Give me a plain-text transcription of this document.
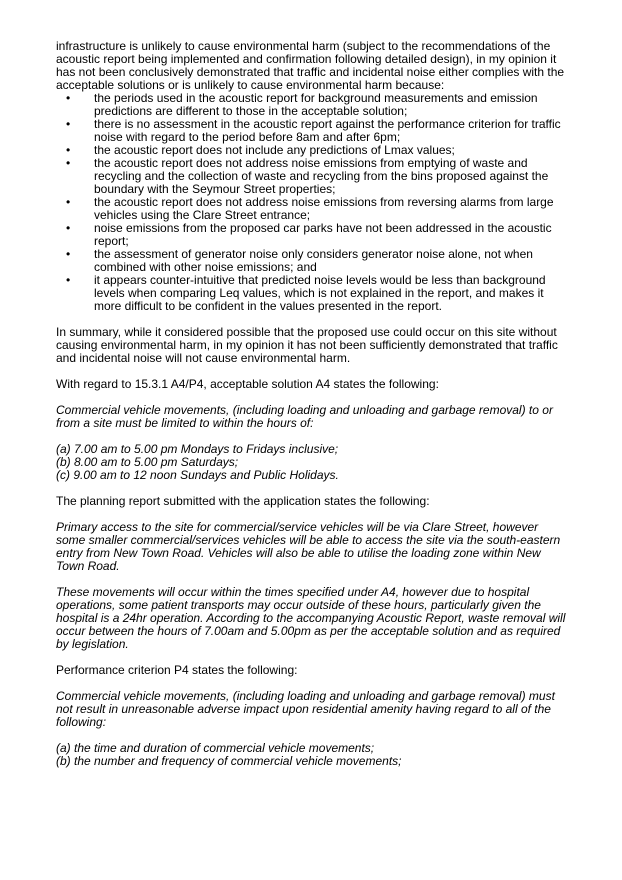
infrastructure is unlikely to cause environmental harm (subject to the recommendations of the acoustic report being implemented and confirmation following detailed design), in my opinion it has not been conclusively demonstrated that traffic and incidental noise either complies with the acceptable solutions or is unlikely to cause environmental harm because:

• the periods used in the acoustic report for background measurements and emission predictions are different to those in the acceptable solution;
• there is no assessment in the acoustic report against the performance criterion for traffic noise with regard to the period before 8am and after 6pm;
• the acoustic report does not include any predictions of Lmax values;
• the acoustic report does not address noise emissions from emptying of waste and recycling and the collection of waste and recycling from the bins proposed against the boundary with the Seymour Street properties;
• the acoustic report does not address noise emissions from reversing alarms from large vehicles using the Clare Street entrance;
• noise emissions from the proposed car parks have not been addressed in the acoustic report;
• the assessment of generator noise only considers generator noise alone, not when combined with other noise emissions; and
• it appears counter-intuitive that predicted noise levels would be less than background levels when comparing Leq values, which is not explained in the report, and makes it more difficult to be confident in the values presented in the report.

In summary, while it considered possible that the proposed use could occur on this site without causing environmental harm, in my opinion it has not been sufficiently demonstrated that traffic and incidental noise will not cause environmental harm.

With regard to 15.3.1 A4/P4, acceptable solution A4 states the following:

Commercial vehicle movements, (including loading and unloading and garbage removal) to or from a site must be limited to within the hours of:

(a) 7.00 am to 5.00 pm Mondays to Fridays inclusive;
(b) 8.00 am to 5.00 pm Saturdays;
(c) 9.00 am to 12 noon Sundays and Public Holidays.

The planning report submitted with the application states the following:

Primary access to the site for commercial/service vehicles will be via Clare Street, however some smaller commercial/services vehicles will be able to access the site via the south-eastern entry from New Town Road. Vehicles will also be able to utilise the loading zone within New Town Road.

These movements will occur within the times specified under A4, however due to hospital operations, some patient transports may occur outside of these hours, particularly given the hospital is a 24hr operation. According to the accompanying Acoustic Report, waste removal will occur between the hours of 7.00am and 5.00pm as per the acceptable solution and as required by legislation.

Performance criterion P4 states the following:

Commercial vehicle movements, (including loading and unloading and garbage removal) must not result in unreasonable adverse impact upon residential amenity having regard to all of the following:

(a) the time and duration of commercial vehicle movements;
(b) the number and frequency of commercial vehicle movements;
